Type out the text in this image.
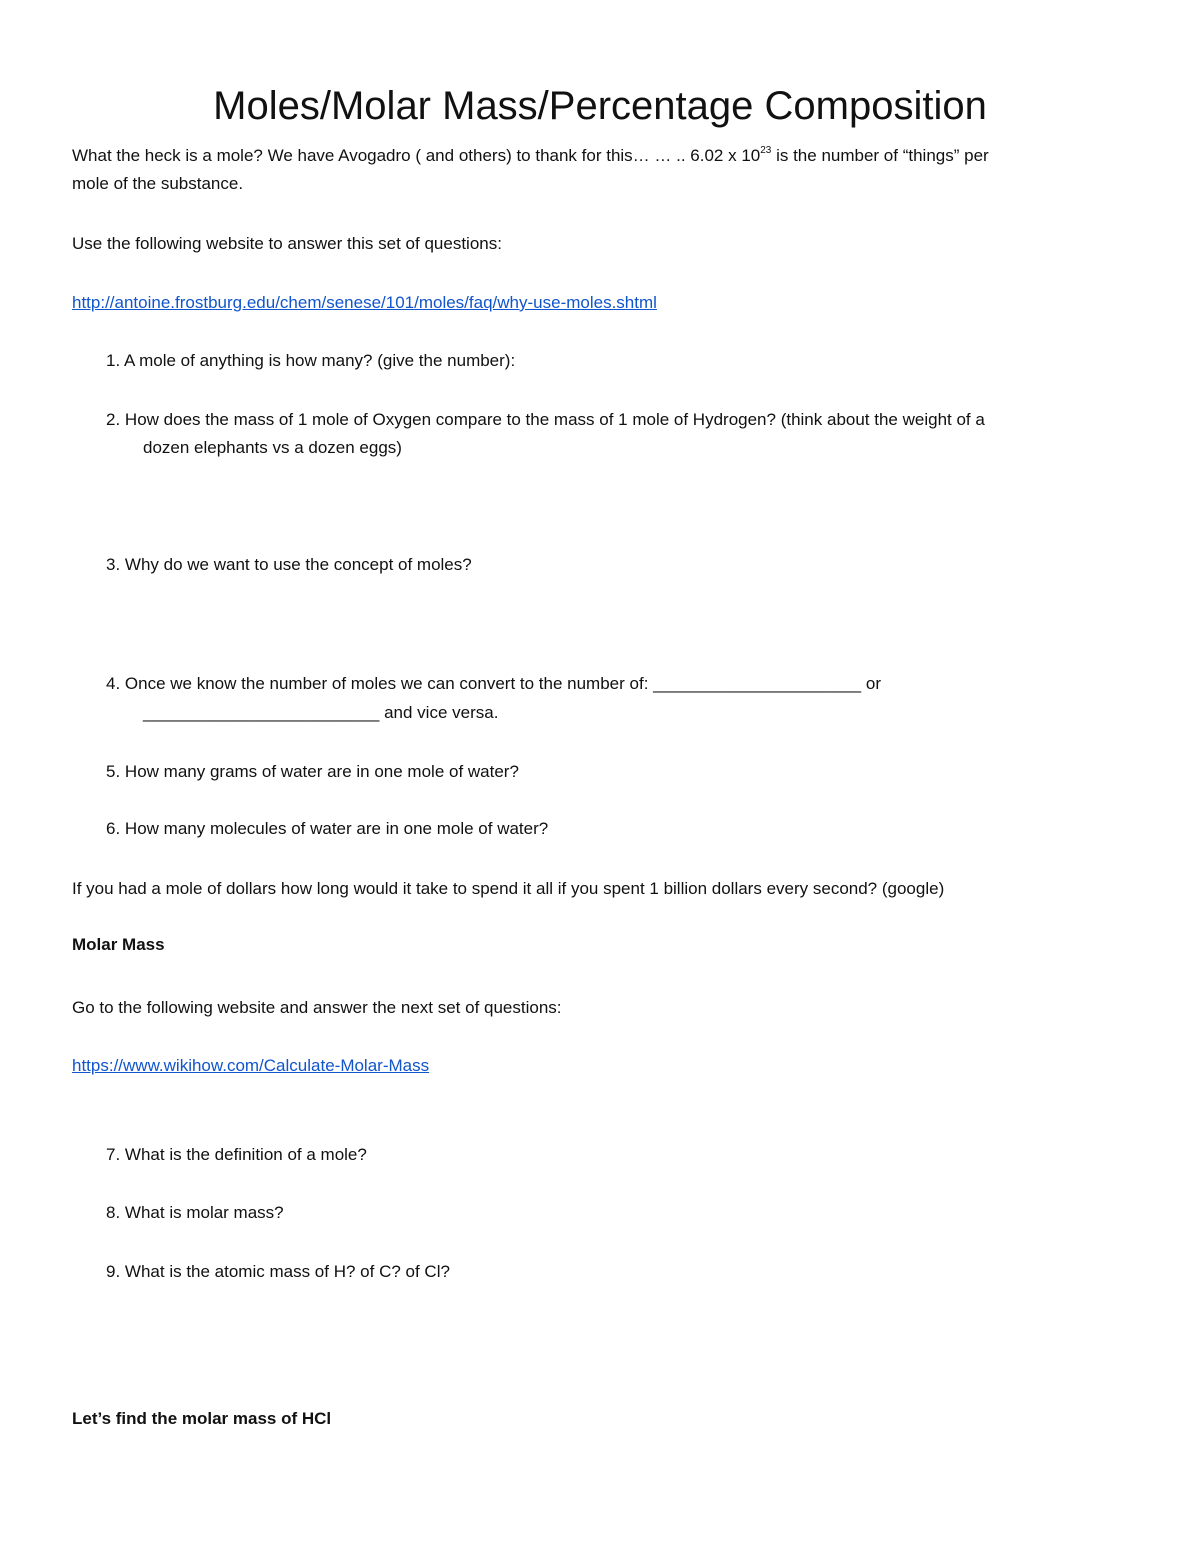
Moles/Molar Mass/Percentage Composition
What the heck is a mole? We have Avogadro ( and others) to thank for this… … .. 6.02 x $10^{23}$ is the number of “things” per
mole of the substance.
Use the following website to answer this set of questions:
http://antoine.frostburg.edu/chem/senese/101/moles/faq/why-use-moles.shtml
1. A mole of anything is how many? (give the number):
2. How does the mass of 1 mole of Oxygen compare to the mass of 1 mole of Hydrogen? (think about the weight of a
dozen elephants vs a dozen eggs)
3. Why do we want to use the concept of moles?
4. Once we know the number of moles we can convert to the number of: ______________________ or
_________________________ and vice versa.
5. How many grams of water are in one mole of water?
6. How many molecules of water are in one mole of water?
If you had a mole of dollars how long would it take to spend it all if you spent 1 billion dollars every second? (google)
Molar Mass
Go to the following website and answer the next set of questions:
https://www.wikihow.com/Calculate-Molar-Mass
7. What is the definition of a mole?
8. What is molar mass?
9. What is the atomic mass of H? of C? of Cl?
Let’s find the molar mass of HCl
